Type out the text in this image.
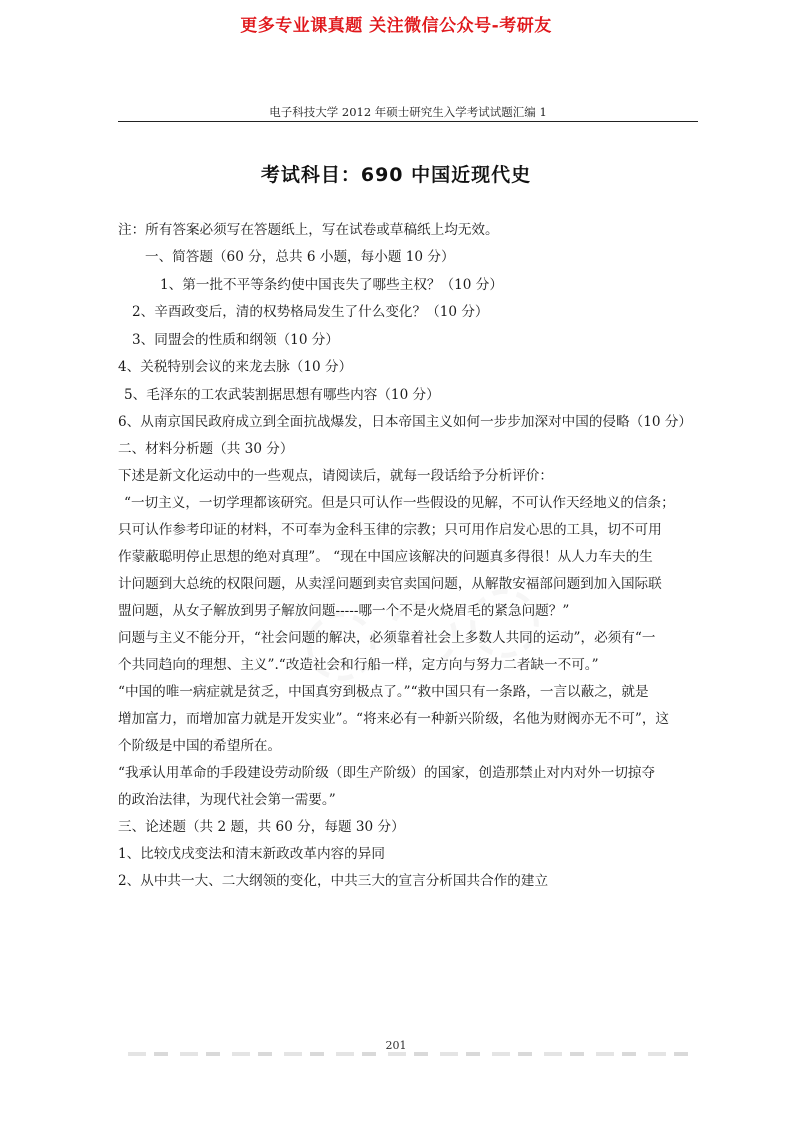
更多专业课真题 关注微信公众号-考研友
电子科技大学 2012 年硕士研究生入学考试试题汇编 1
考试科目：690 中国近现代史
注：所有答案必须写在答题纸上，写在试卷或草稿纸上均无效。
一、简答题（60 分，总共 6 小题，每小题 10 分）
1、第一批不平等条约使中国丧失了哪些主权？（10 分）
2、辛酉政变后，清的权势格局发生了什么变化？（10 分）
3、同盟会的性质和纲领（10 分）
4、关税特别会议的来龙去脉（10 分）
5、毛泽东的工农武装割据思想有哪些内容（10 分）
6、从南京国民政府成立到全面抗战爆发，日本帝国主义如何一步步加深对中国的侵略（10 分）
二、材料分析题（共 30 分）
下述是新文化运动中的一些观点，请阅读后，就每一段话给予分析评价：
“一切主义，一切学理都该研究。但是只可认作一些假设的见解，不可认作天经地义的信条；
只可认作参考印证的材料，不可奉为金科玉律的宗教；只可用作启发心思的工具，切不可用
作蒙蔽聪明停止思想的绝对真理”。 “现在中国应该解决的问题真多得很！从人力车夫的生
计问题到大总统的权限问题，从卖淫问题到卖官卖国问题，从解散安福部问题到加入国际联
盟问题，从女子解放到男子解放问题-----哪一个不是火烧眉毛的紧急问题？”
问题与主义不能分开，“社会问题的解决，必须靠着社会上多数人共同的运动”，必须有“一
个共同趋向的理想、主义”.“改造社会和行船一样，定方向与努力二者缺一不可。”
“中国的唯一病症就是贫乏，中国真穷到极点了。”“救中国只有一条路，一言以蔽之，就是
增加富力，而增加富力就是开发实业”。“将来必有一种新兴阶级，名他为财阀亦无不可”，这
个阶级是中国的希望所在。
“我承认用革命的手段建设劳动阶级（即生产阶级）的国家，创造那禁止对内对外一切掠夺
的政治法律，为现代社会第一需要。”
三、论述题（共 2 题，共 60 分，每题 30 分）
1、比较戊戌变法和清末新政改革内容的异同
2、从中共一大、二大纲领的变化，中共三大的宣言分析国共合作的建立
201
